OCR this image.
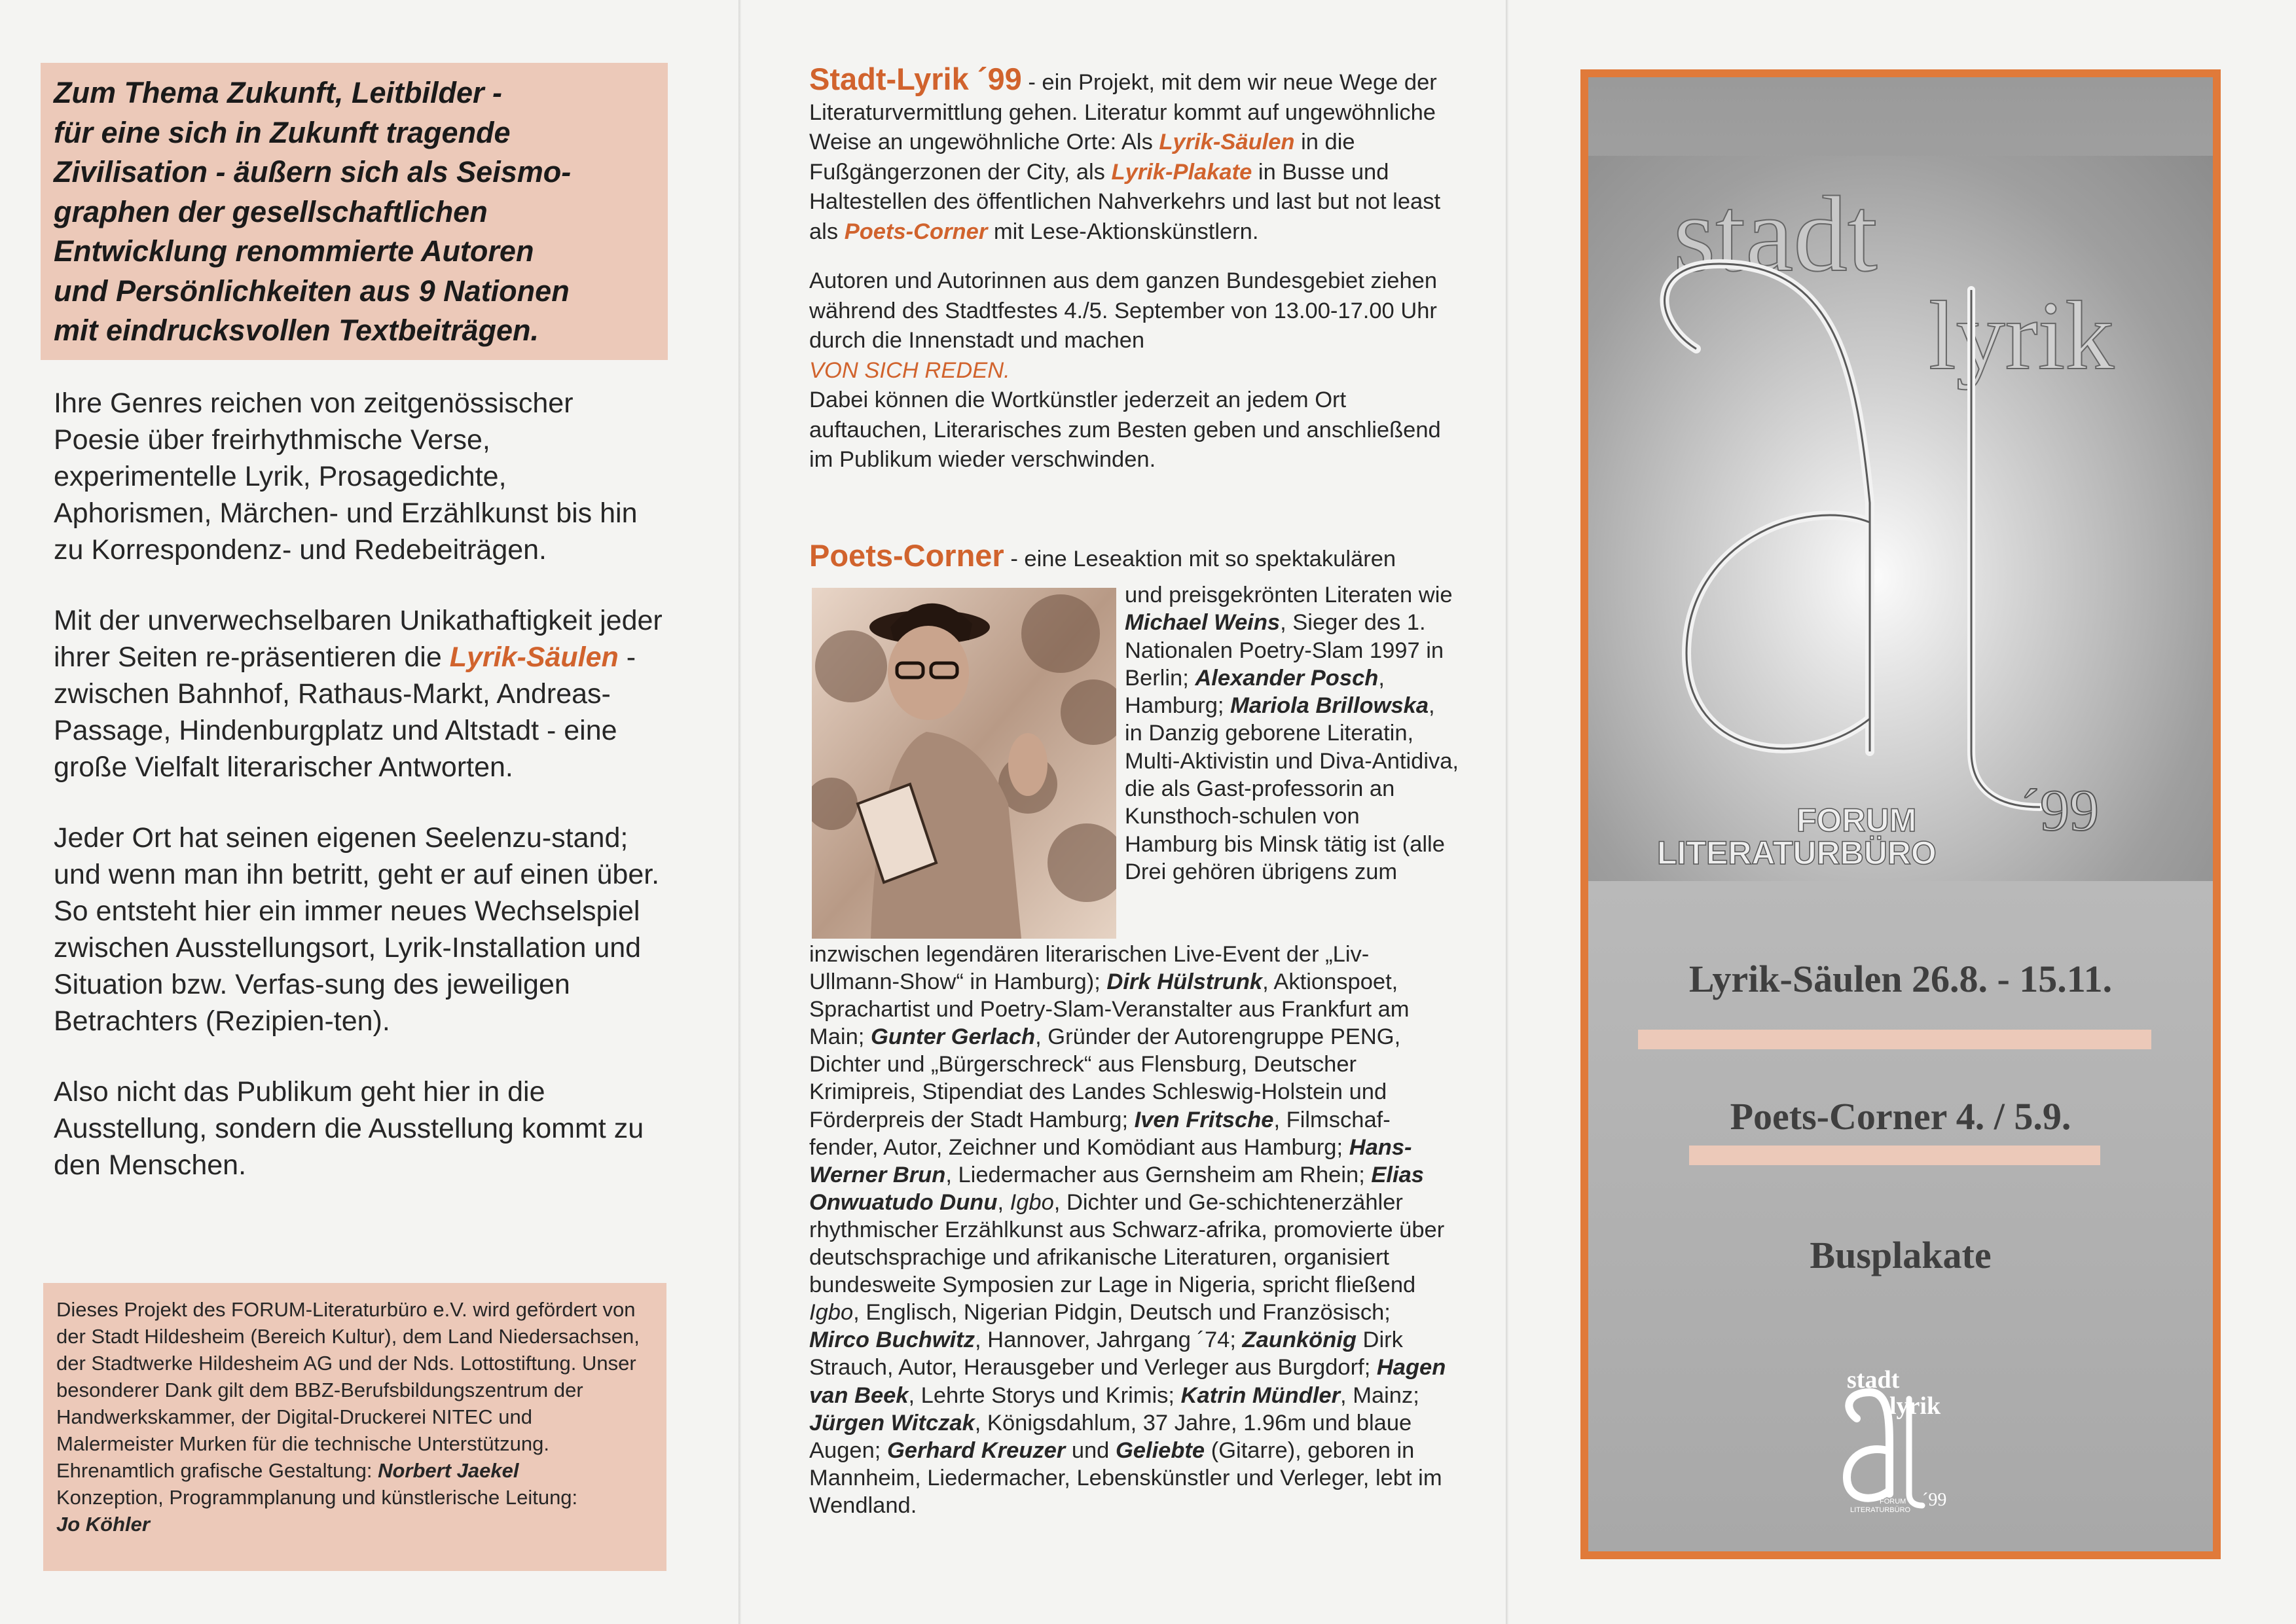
Zum Thema Zukunft, Leitbilder -
für eine sich in Zukunft tragende
Zivilisation - äußern sich als Seismo-
graphen der gesellschaftlichen
Entwicklung renommierte Autoren
und Persönlichkeiten aus 9 Nationen
mit eindrucksvollen Textbeiträgen.

Ihre Genres reichen von zeitgenössischer Poesie über freirhythmische Verse, experimentelle Lyrik, Prosagedichte, Aphorismen, Märchen- und Erzählkunst bis hin zu Korrespondenz- und Redebeiträgen.

Mit der unverwechselbaren Unikathaftigkeit jeder ihrer Seiten re-präsentieren die Lyrik-Säulen - zwischen Bahnhof, Rathaus-Markt, Andreas-Passage, Hindenburgplatz und Altstadt - eine große Vielfalt literarischer Antworten.

Jeder Ort hat seinen eigenen Seelenzu-stand; und wenn man ihn betritt, geht er auf einen über. So entsteht hier ein immer neues Wechselspiel zwischen Ausstellungsort, Lyrik-Installation und Situation bzw. Verfas-sung des jeweiligen Betrachters (Rezipien-ten).

Also nicht das Publikum geht hier in die Ausstellung, sondern die Ausstellung kommt zu den Menschen.

Dieses Projekt des FORUM-Literaturbüro e.V. wird gefördert von der Stadt Hildesheim (Bereich Kultur), dem Land Niedersachsen, der Stadtwerke Hildesheim AG und der Nds. Lottostiftung. Unser besonderer Dank gilt dem BBZ-Berufsbildungszentrum der Handwerkskammer, der Digital-Druckerei NITEC und Malermeister Murken für die technische Unterstützung.

Ehrenamtlich grafische Gestaltung: Norbert Jaekel

Konzeption, Programmplanung und künstlerische Leitung:
Jo Köhler

Stadt-Lyrik ´99 - ein Projekt, mit dem wir neue Wege der Literaturvermittlung gehen. Literatur kommt auf ungewöhnliche Weise an ungewöhnliche Orte: Als Lyrik-Säulen in die Fußgängerzonen der City, als Lyrik-Plakate in Busse und Haltestellen des öffentlichen Nahverkehrs und last but not least als Poets-Corner mit Lese-Aktionskünstlern.

Autoren und Autorinnen aus dem ganzen Bundesgebiet ziehen während des Stadtfestes 4./5. September von 13.00-17.00 Uhr durch die Innenstadt und machen
VON SICH REDEN.
Dabei können die Wortkünstler jederzeit an jedem Ort auftauchen, Literarisches zum Besten geben und anschließend im Publikum wieder verschwinden.

Poets-Corner - eine Leseaktion mit so spektakulären
und preisgekrönten Literaten wie Michael Weins, Sieger des 1. Nationalen Poetry-Slam 1997 in Berlin; Alexander Posch, Hamburg; Mariola Brillowska, in Danzig geborene Literatin, Multi-Aktivistin und Diva-Antidiva, die als Gast-professorin an Kunsthoch-schulen von Hamburg bis Minsk tätig ist (alle Drei gehören übrigens zum
inzwischen legendären literarischen Live-Event der „Liv-Ullmann-Show“ in Hamburg); Dirk Hülstrunk, Aktionspoet, Sprachartist und Poetry-Slam-Veranstalter aus Frankfurt am Main; Gunter Gerlach, Gründer der Autorengruppe PENG, Dichter und „Bürgerschreck“ aus Flensburg, Deutscher Krimipreis, Stipendiat des Landes Schleswig-Holstein und Förderpreis der Stadt Hamburg; Iven Fritsche, Filmschaf-fender, Autor, Zeichner und Komödiant aus Hamburg; Hans-Werner Brun, Liedermacher aus Gernsheim am Rhein; Elias Onwuatudo Dunu, Igbo, Dichter und Ge-schichtenerzähler rhythmischer Erzählkunst aus Schwarz-afrika, promovierte über deutschsprachige und afrikanische Literaturen, organisiert bundesweite Symposien zur Lage in Nigeria, spricht fließend Igbo, Englisch, Nigerian Pidgin, Deutsch und Französisch; Mirco Buchwitz, Hannover, Jahrgang ´74; Zaunkönig Dirk Strauch, Autor, Herausgeber und Verleger aus Burgdorf; Hagen van Beek, Lehrte Storys und Krimis; Katrin Mündler, Mainz; Jürgen Witczak, Königsdahlum, 37 Jahre, 1.96m und blaue Augen; Gerhard Kreuzer und Geliebte (Gitarre), geboren in Mannheim, Liedermacher, Lebenskünstler und Verleger, lebt im Wendland.
stadt
lyrik
´99
FORUM
LITERATURBÜRO
Lyrik-Säulen 26.8. - 15.11.
Poets-Corner 4. / 5.9.
Busplakate
stadt
lyrik
´99
FORUM
LITERATURBÜRO
